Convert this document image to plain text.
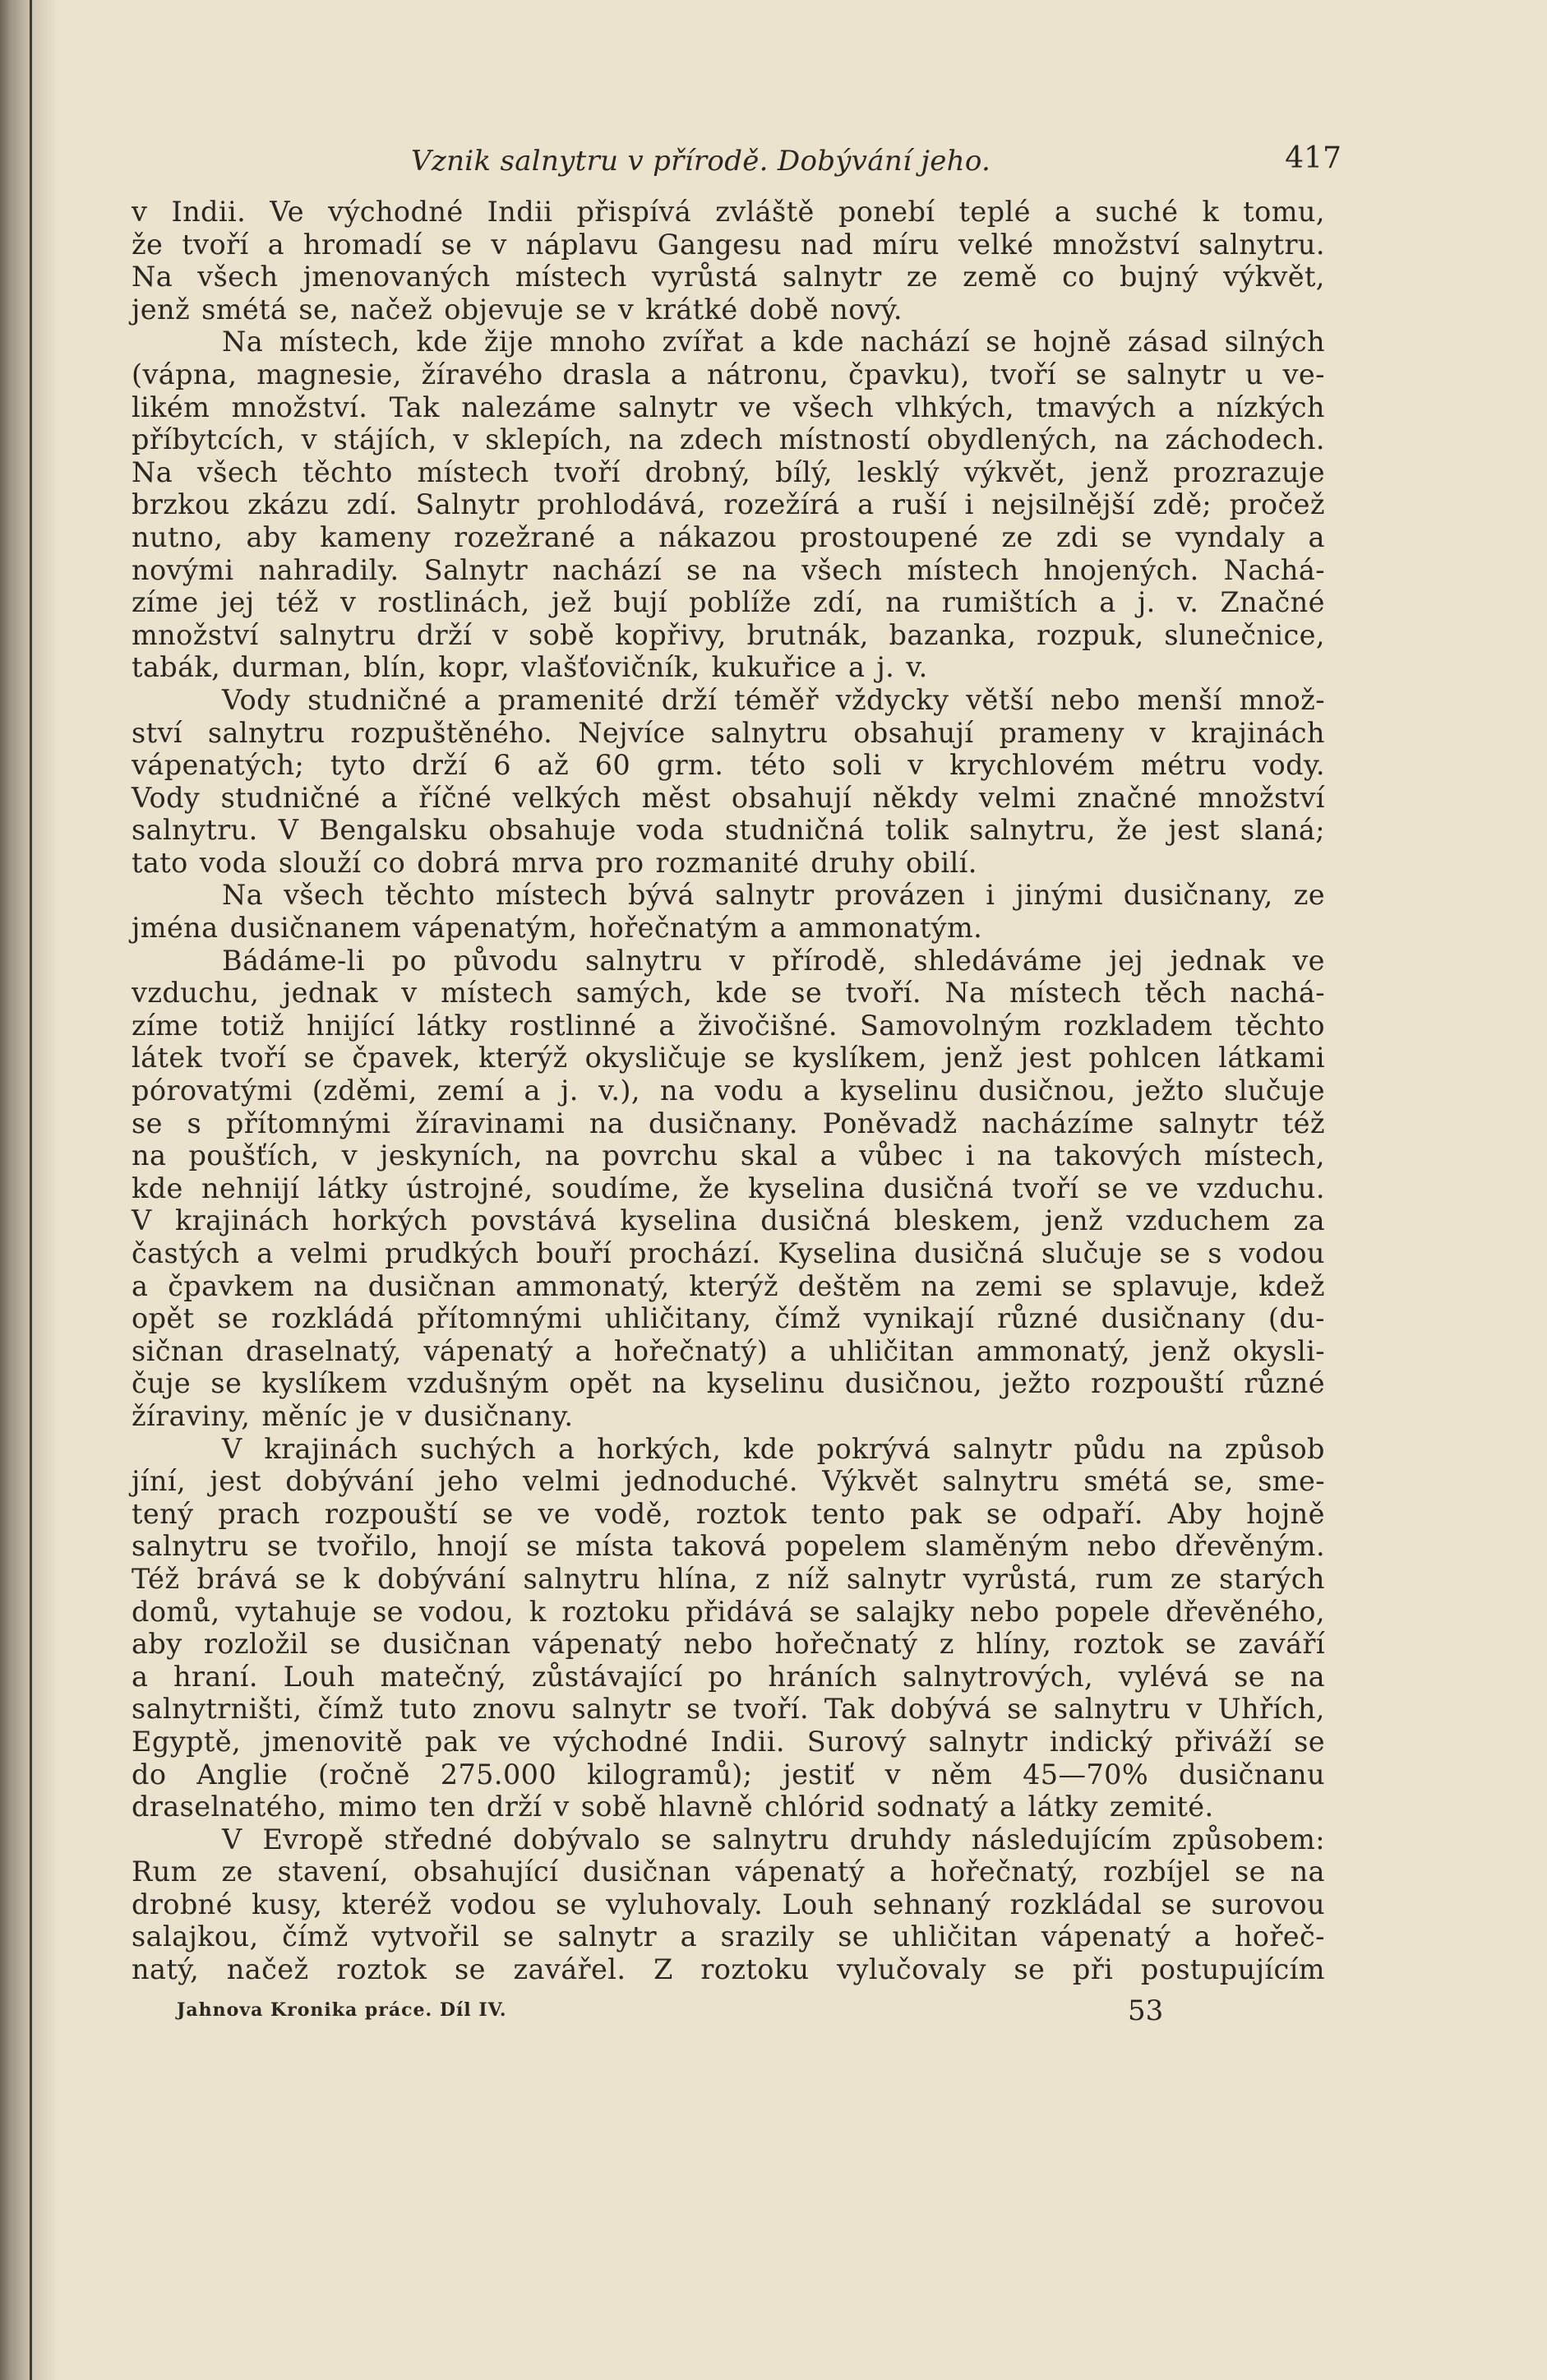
Vznik salnytru v přírodě. Dobývání jeho.	417
v Indii. Ve východné Indii přispívá zvláště ponebí teplé a suché k tomu,
že tvoří a hromadí se v náplavu Gangesu nad míru velké množství salnytru.
Na všech jmenovaných místech vyrůstá salnytr ze země co bujný výkvět,
jenž smétá se, načež objevuje se v krátké době nový.
Na místech, kde žije mnoho zvířat a kde nachází se hojně zásad silných
(vápna, magnesie, žíravého drasla a nátronu, čpavku), tvoří se salnytr u ve-
likém množství. Tak nalezáme salnytr ve všech vlhkých, tmavých a nízkých
příbytcích, v stájích, v sklepích, na zdech místností obydlených, na záchodech.
Na všech těchto místech tvoří drobný, bílý, lesklý výkvět, jenž prozrazuje
brzkou zkázu zdí. Salnytr prohlodává, rozežírá a ruší i nejsilnější zdě; pročež
nutno, aby kameny rozežrané a nákazou prostoupené ze zdi se vyndaly a
novými nahradily. Salnytr nachází se na všech místech hnojených. Nachá-
zíme jej též v rostlinách, jež bují poblíže zdí, na rumištích a j. v. Značné
množství salnytru drží v sobě kopřivy, brutnák, bazanka, rozpuk, slunečnice,
tabák, durman, blín, kopr, vlašťovičník, kukuřice a j. v.
Vody studničné a pramenité drží téměř vždycky větší nebo menší množ-
ství salnytru rozpuštěného. Nejvíce salnytru obsahují prameny v krajinách
vápenatých; tyto drží 6 až 60 grm. této soli v krychlovém métru vody.
Vody studničné a říčné velkých měst obsahují někdy velmi značné množství
salnytru. V Bengalsku obsahuje voda studničná tolik salnytru, že jest slaná;
tato voda slouží co dobrá mrva pro rozmanité druhy obilí.
Na všech těchto místech bývá salnytr provázen i jinými dusičnany, ze
jména dusičnanem vápenatým, hořečnatým a ammonatým.
Bádáme-li po původu salnytru v přírodě, shledáváme jej jednak ve
vzduchu, jednak v místech samých, kde se tvoří. Na místech těch nachá-
zíme totiž hnijící látky rostlinné a živočišné. Samovolným rozkladem těchto
látek tvoří se čpavek, kterýž okysličuje se kyslíkem, jenž jest pohlcen látkami
pórovatými (zděmi, zemí a j. v.), na vodu a kyselinu dusičnou, ježto slučuje
se s přítomnými žíravinami na dusičnany. Poněvadž nacházíme salnytr též
na poušťích, v jeskyních, na povrchu skal a vůbec i na takových místech,
kde nehnijí látky ústrojné, soudíme, že kyselina dusičná tvoří se ve vzduchu.
V krajinách horkých povstává kyselina dusičná bleskem, jenž vzduchem za
častých a velmi prudkých bouří prochází. Kyselina dusičná slučuje se s vodou
a čpavkem na dusičnan ammonatý, kterýž deštěm na zemi se splavuje, kdež
opět se rozkládá přítomnými uhličitany, čímž vynikají různé dusičnany (du-
sičnan draselnatý, vápenatý a hořečnatý) a uhličitan ammonatý, jenž okysli-
čuje se kyslíkem vzdušným opět na kyselinu dusičnou, ježto rozpouští různé
žíraviny, měníc je v dusičnany.
V krajinách suchých a horkých, kde pokrývá salnytr půdu na způsob
jíní, jest dobývání jeho velmi jednoduché. Výkvět salnytru smétá se, sme-
tený prach rozpouští se ve vodě, roztok tento pak se odpaří. Aby hojně
salnytru se tvořilo, hnojí se místa taková popelem slaměným nebo dřevěným.
Též brává se k dobývání salnytru hlína, z níž salnytr vyrůstá, rum ze starých
domů, vytahuje se vodou, k roztoku přidává se salajky nebo popele dřevěného,
aby rozložil se dusičnan vápenatý nebo hořečnatý z hlíny, roztok se zaváří
a hraní. Louh matečný, zůstávající po hráních salnytrových, vylévá se na
salnytrništi, čímž tuto znovu salnytr se tvoří. Tak dobývá se salnytru v Uhřích,
Egyptě, jmenovitě pak ve východné Indii. Surový salnytr indický přiváží se
do Anglie (ročně 275.000 kilogramů); jestiť v něm 45—70% dusičnanu
draselnatého, mimo ten drží v sobě hlavně chlórid sodnatý a látky zemité.
V Evropě středné dobývalo se salnytru druhdy následujícím způsobem:
Rum ze stavení, obsahující dusičnan vápenatý a hořečnatý, rozbíjel se na
drobné kusy, kteréž vodou se vyluhovaly. Louh sehnaný rozkládal se surovou
salajkou, čímž vytvořil se salnytr a srazily se uhličitan vápenatý a hořeč-
natý, načež roztok se zavářel. Z roztoku vylučovaly se při postupujícím
Jahnova Kronika práce. Díl IV.	53
